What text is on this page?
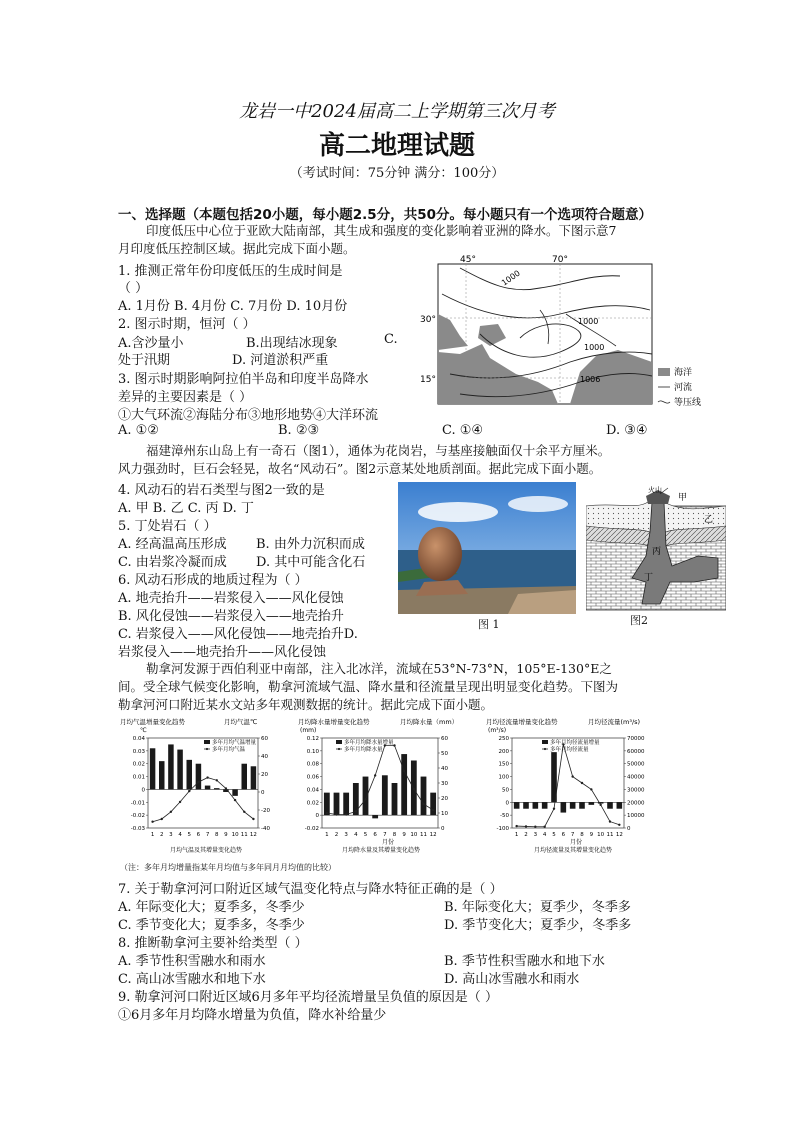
龙岩一中2024届高二上学期第三次月考
高二地理试题
（考试时间：75分钟 满分：100分）
一、选择题（本题包括20小题，每小题2.5分，共50分。每小题只有一个选项符合题意）
印度低压中心位于亚欧大陆南部，其生成和强度的变化影响着亚洲的降水。下图示意7
月印度低压控制区域。据此完成下面小题。
1. 推测正常年份印度低压的生成时间是
（ ）
A. 1月份 B. 4月份 C. 7月份 D. 10月份
2. 图示时期，恒河（ ）
A.含沙量小	B.出现结冰现象	C.
处于汛期	D. 河道淤积严重
3. 图示时期影响阿拉伯半岛和印度半岛降水
差异的主要因素是（ ）
①大气环流②海陆分布③地形地势④大洋环流
A. ①②	B. ②③	C. ①④	D. ③④
45°	70°
30°
15°
1000
1000
1000
1006
海洋
河流
等压线
福建漳州东山岛上有一奇石（图1），通体为花岗岩，与基座接触面仅十余平方厘米。
风力强劲时，巨石会轻晃，故名“风动石”。图2示意某处地质剖面。据此完成下面小题。
4. 风动石的岩石类型与图2一致的是
A. 甲 B. 乙 C. 丙 D. 丁
5. 丁处岩石（ ）
A. 经高温高压形成 B. 由外力沉积而成
C. 由岩浆冷凝而成 D. 其中可能含化石
6. 风动石形成的地质过程为（ ）
A. 地壳抬升——岩浆侵入——风化侵蚀
B. 风化侵蚀——岩浆侵入——地壳抬升
C. 岩浆侵入——风化侵蚀——地壳抬升D.
岩浆侵入——地壳抬升——风化侵蚀
图 1
火山
甲
乙
丙
丁
图2
勒拿河发源于西伯利亚中南部，注入北冰洋，流域在53°N-73°N，105°E-130°E之
间。受全球气候变化影响，勒拿河流域气温、降水量和径流量呈现出明显变化趋势。下图为
勒拿河河口附近某水文站多年观测数据的统计。据此完成下面小题。
月均气温增量变化趋势	月均气温℃
℃
0.04
0.03
0.02
0.01
0
-0.01
-0.02
-0.03
60
40
20
0
-20
-40
1 2 3 4 5 6 7 8 9 10 11 12
多年月均气温增量
多年月均气温
月均气温及其增量变化趋势
月均降水量增量变化趋势	月均降水量（mm）
(mm)
0.12
0.10
0.08
0.06
0.04
0.02
0
-0.02
60
50
40
30
20
10
0
1 2 3 4 5 6 7 8 9 10 11 12
多年月均降水量增量
多年月均降水量
月份
月均降水量及其增量变化趋势
月均径流量增量变化趋势	月均径流量(m³/s)
(m³/s)
250
200
150
100
50
0
-50
-100
70000
60000
50000
40000
30000
20000
10000
0
1 2 3 4 5 6 7 8 9 10 11 12
多年月均径流量增量
多年月均径流量
月份
月均径流量及其增量变化趋势
（注：多年月均增量指某年月均值与多年同月月均值的比较）
7. 关于勒拿河河口附近区域气温变化特点与降水特征正确的是（ ）
A. 年际变化大；夏季多，冬季少	B. 年际变化大；夏季少，冬季多
C. 季节变化大；夏季多，冬季少	D. 季节变化大；夏季少，冬季多
8. 推断勒拿河主要补给类型（ ）
A. 季节性积雪融水和雨水	B. 季节性积雪融水和地下水
C. 高山冰雪融水和地下水	D. 高山冰雪融水和雨水
9. 勒拿河河口附近区域6月多年平均径流增量呈负值的原因是（ ）
①6月多年月均降水增量为负值，降水补给量少
